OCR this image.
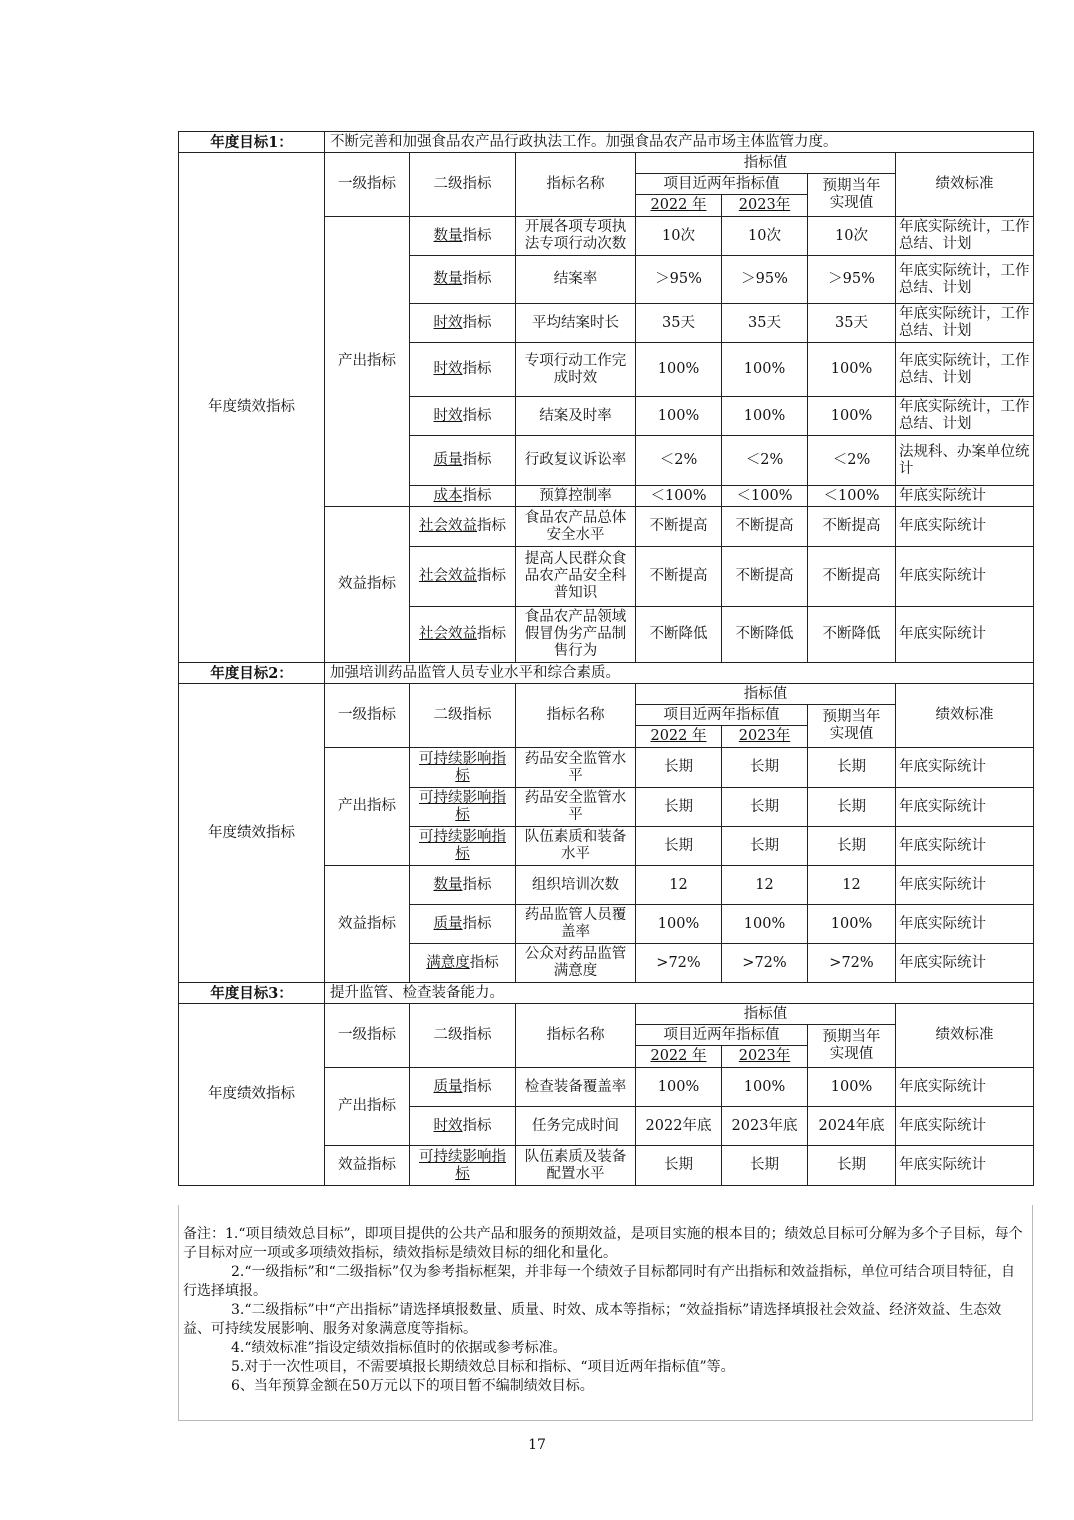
年度目标1：	不断完善和加强食品农产品行政执法工作。加强食品农产品市场主体监管力度。						
年度绩效指标	一级指标	二级指标	指标名称	指标值			绩效标准
				项目近两年指标值		预期当年实现值	
				2022 年	2023年		
	产出指标	数量指标	开展各项专项执法专项行动次数	10次	10次	10次	年底实际统计，工作总结、计划
		数量指标	结案率	＞95%	＞95%	＞95%	年底实际统计，工作总结、计划
		时效指标	平均结案时长	35天	35天	35天	年底实际统计，工作总结、计划
		时效指标	专项行动工作完成时效	100%	100%	100%	年底实际统计，工作总结、计划
		时效指标	结案及时率	100%	100%	100%	年底实际统计，工作总结、计划
		质量指标	行政复议诉讼率	＜2%	＜2%	＜2%	法规科、办案单位统计
		成本指标	预算控制率	＜100%	＜100%	＜100%	年底实际统计
	效益指标	社会效益指标	食品农产品总体安全水平	不断提高	不断提高	不断提高	年底实际统计
		社会效益指标	提高人民群众食品农产品安全科普知识	不断提高	不断提高	不断提高	年底实际统计
		社会效益指标	食品农产品领域假冒伪劣产品制售行为	不断降低	不断降低	不断降低	年底实际统计
年度目标2：	加强培训药品监管人员专业水平和综合素质。						
年度绩效指标	一级指标	二级指标	指标名称	指标值			绩效标准
				项目近两年指标值		预期当年实现值	
				2022 年	2023年		
	产出指标	可持续影响指标	药品安全监管水平	长期	长期	长期	年底实际统计
		可持续影响指标	药品安全监管水平	长期	长期	长期	年底实际统计
		可持续影响指标	队伍素质和装备水平	长期	长期	长期	年底实际统计
	效益指标	数量指标	组织培训次数	12	12	12	年底实际统计
		质量指标	药品监管人员覆盖率	100%	100%	100%	年底实际统计
		满意度指标	公众对药品监管满意度	>72%	>72%	>72%	年底实际统计
年度目标3：	提升监管、检查装备能力。						
年度绩效指标	一级指标	二级指标	指标名称	指标值			绩效标准
				项目近两年指标值		预期当年实现值	
				2022 年	2023年		
	产出指标	质量指标	检查装备覆盖率	100%	100%	100%	年底实际统计
		时效指标	任务完成时间	2022年底	2023年底	2024年底	年底实际统计
	效益指标	可持续影响指标	队伍素质及装备配置水平	长期	长期	长期	年底实际统计

备注：1.“项目绩效总目标”，即项目提供的公共产品和服务的预期效益，是项目实施的根本目的；绩效总目标可分解为多个子目标，每个子目标对应一项或多项绩效指标，绩效指标是绩效目标的细化和量化。

2.“一级指标”和“二级指标”仅为参考指标框架，并非每一个绩效子目标都同时有产出指标和效益指标，单位可结合项目特征，自行选择填报。

3.“二级指标”中“产出指标”请选择填报数量、质量、时效、成本等指标；“效益指标”请选择填报社会效益、经济效益、生态效益、可持续发展影响、服务对象满意度等指标。

4.“绩效标准”指设定绩效指标值时的依据或参考标准。

5.对于一次性项目，不需要填报长期绩效总目标和指标、“项目近两年指标值”等。

6、当年预算金额在50万元以下的项目暂不编制绩效目标。

17
